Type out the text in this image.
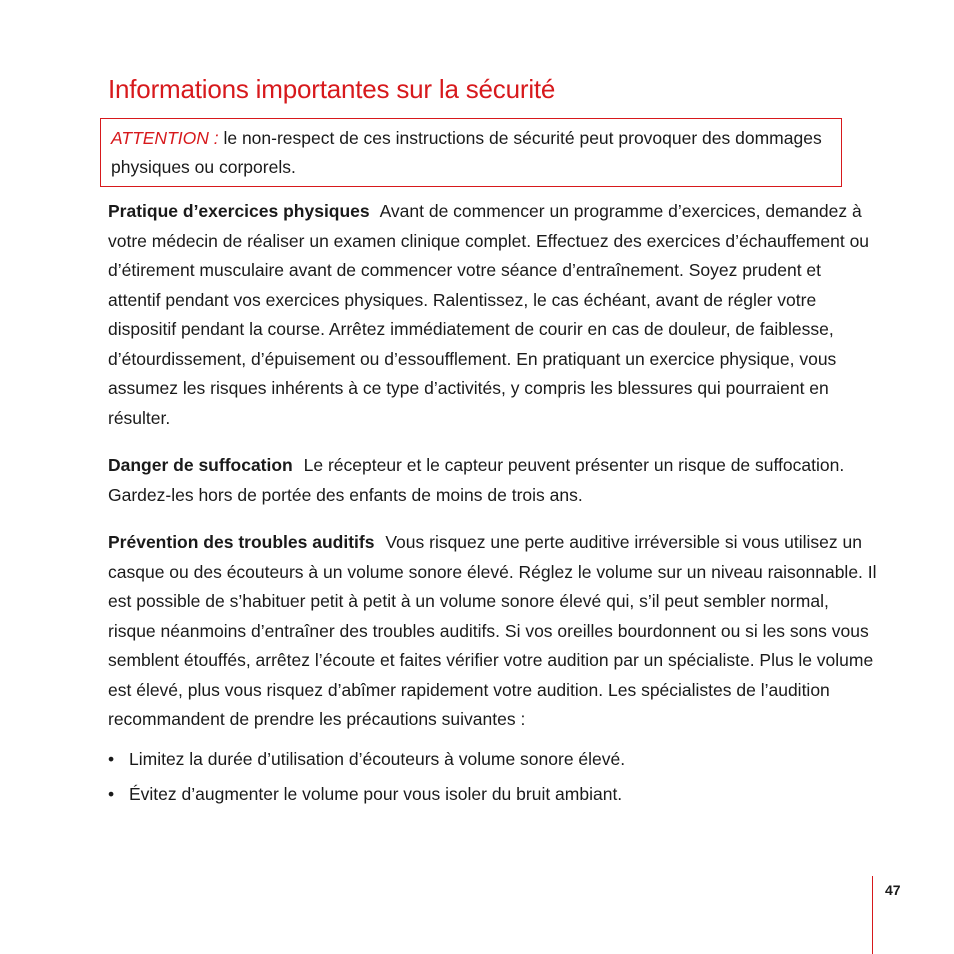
Informations importantes sur la sécurité
ATTENTION : le non-respect de ces instructions de sécurité peut provoquer des dommages physiques ou corporels.

Pratique d’exercices physiques Avant de commencer un programme d’exercices, demandez à votre médecin de réaliser un examen clinique complet. Effectuez des exercices d’échauffement ou d’étirement musculaire avant de commencer votre séance d’entraînement. Soyez prudent et attentif pendant vos exercices physiques. Ralentissez, le cas échéant, avant de régler votre dispositif pendant la course. Arrêtez immédiatement de courir en cas de douleur, de faiblesse, d’étourdissement, d’épuisement ou d’essoufflement. En pratiquant un exercice physique, vous assumez les risques inhérents à ce type d’activités, y compris les blessures qui pourraient en résulter.

Danger de suffocation Le récepteur et le capteur peuvent présenter un risque de suffocation. Gardez-les hors de portée des enfants de moins de trois ans.

Prévention des troubles auditifs Vous risquez une perte auditive irréversible si vous utilisez un casque ou des écouteurs à un volume sonore élevé. Réglez le volume sur un niveau raisonnable. Il est possible de s’habituer petit à petit à un volume sonore élevé qui, s’il peut sembler normal, risque néanmoins d’entraîner des troubles auditifs. Si vos oreilles bourdonnent ou si les sons vous semblent étouffés, arrêtez l’écoute et faites vérifier votre audition par un spécialiste. Plus le volume est élevé, plus vous risquez d’abîmer rapidement votre audition. Les spécialistes de l’audition recommandent de prendre les précautions suivantes :

• Limitez la durée d’utilisation d’écouteurs à volume sonore élevé.
• Évitez d’augmenter le volume pour vous isoler du bruit ambiant.
47
